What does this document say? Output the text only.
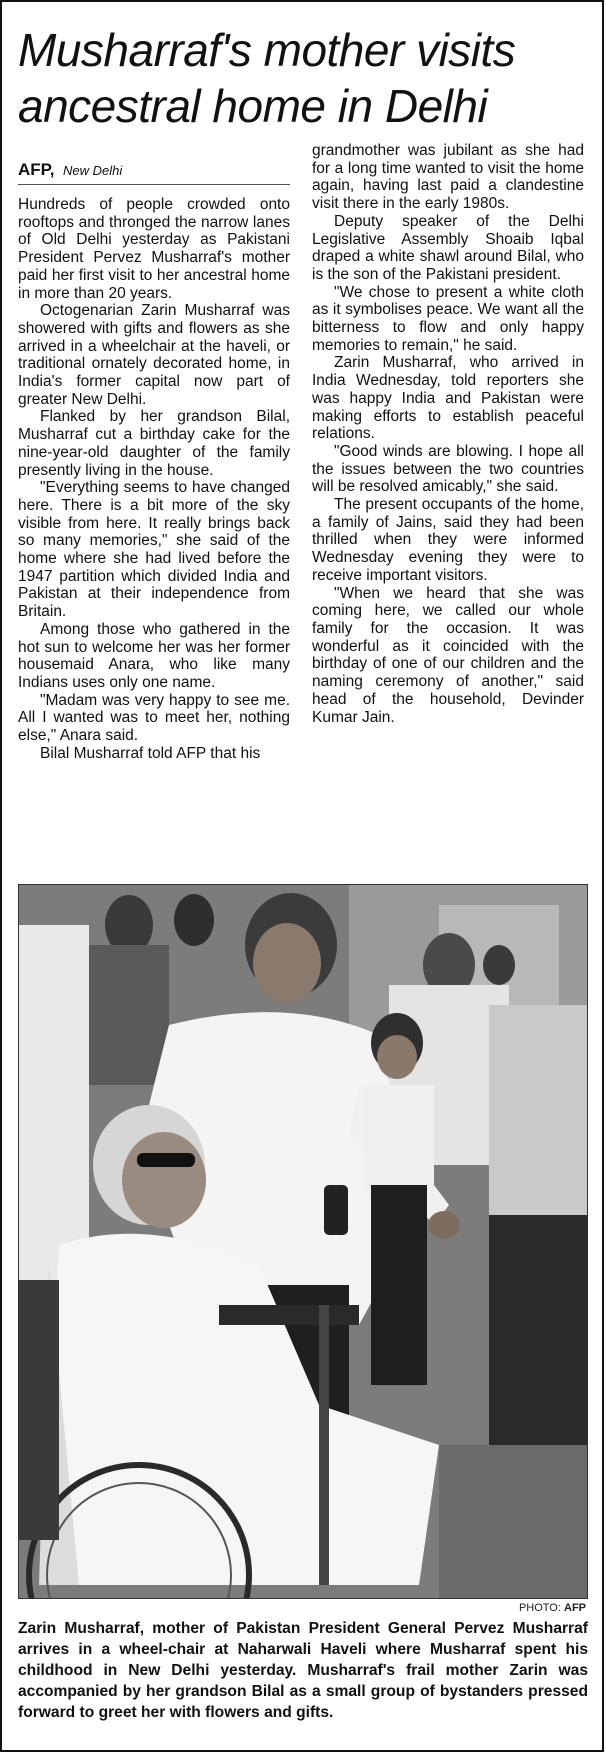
Musharraf's mother visits ancestral home in Delhi
AFP, New Delhi

Hundreds of people crowded onto rooftops and thronged the narrow lanes of Old Delhi yesterday as Pakistani President Pervez Musharraf's mother paid her first visit to her ancestral home in more than 20 years.

Octogenarian Zarin Musharraf was showered with gifts and flowers as she arrived in a wheelchair at the haveli, or traditional ornately decorated home, in India's former capital now part of greater New Delhi.

Flanked by her grandson Bilal, Musharraf cut a birthday cake for the nine-year-old daughter of the family presently living in the house.

"Everything seems to have changed here. There is a bit more of the sky visible from here. It really brings back so many memories," she said of the home where she had lived before the 1947 partition which divided India and Pakistan at their independence from Britain.

Among those who gathered in the hot sun to welcome her was her former housemaid Anara, who like many Indians uses only one name.

"Madam was very happy to see me. All I wanted was to meet her, nothing else," Anara said.

Bilal Musharraf told AFP that his

grandmother was jubilant as she had for a long time wanted to visit the home again, having last paid a clandestine visit there in the early 1980s.

Deputy speaker of the Delhi Legislative Assembly Shoaib Iqbal draped a white shawl around Bilal, who is the son of the Pakistani president.

"We chose to present a white cloth as it symbolises peace. We want all the bitterness to flow and only happy memories to remain," he said.

Zarin Musharraf, who arrived in India Wednesday, told reporters she was happy India and Pakistan were making efforts to establish peaceful relations.

"Good winds are blowing. I hope all the issues between the two countries will be resolved amicably," she said.

The present occupants of the home, a family of Jains, said they had been thrilled when they were informed Wednesday evening they were to receive important visitors.

"When we heard that she was coming here, we called our whole family for the occasion. It was wonderful as it coincided with the birthday of one of our children and the naming ceremony of another," said head of the household, Devinder Kumar Jain.

PHOTO: AFP
Zarin Musharraf, mother of Pakistan President General Pervez Musharraf arrives in a wheel-chair at Naharwali Haveli where Musharraf spent his childhood in New Delhi yesterday. Musharraf's frail mother Zarin was accompanied by her grandson Bilal as a small group of bystanders pressed forward to greet her with flowers and gifts.
